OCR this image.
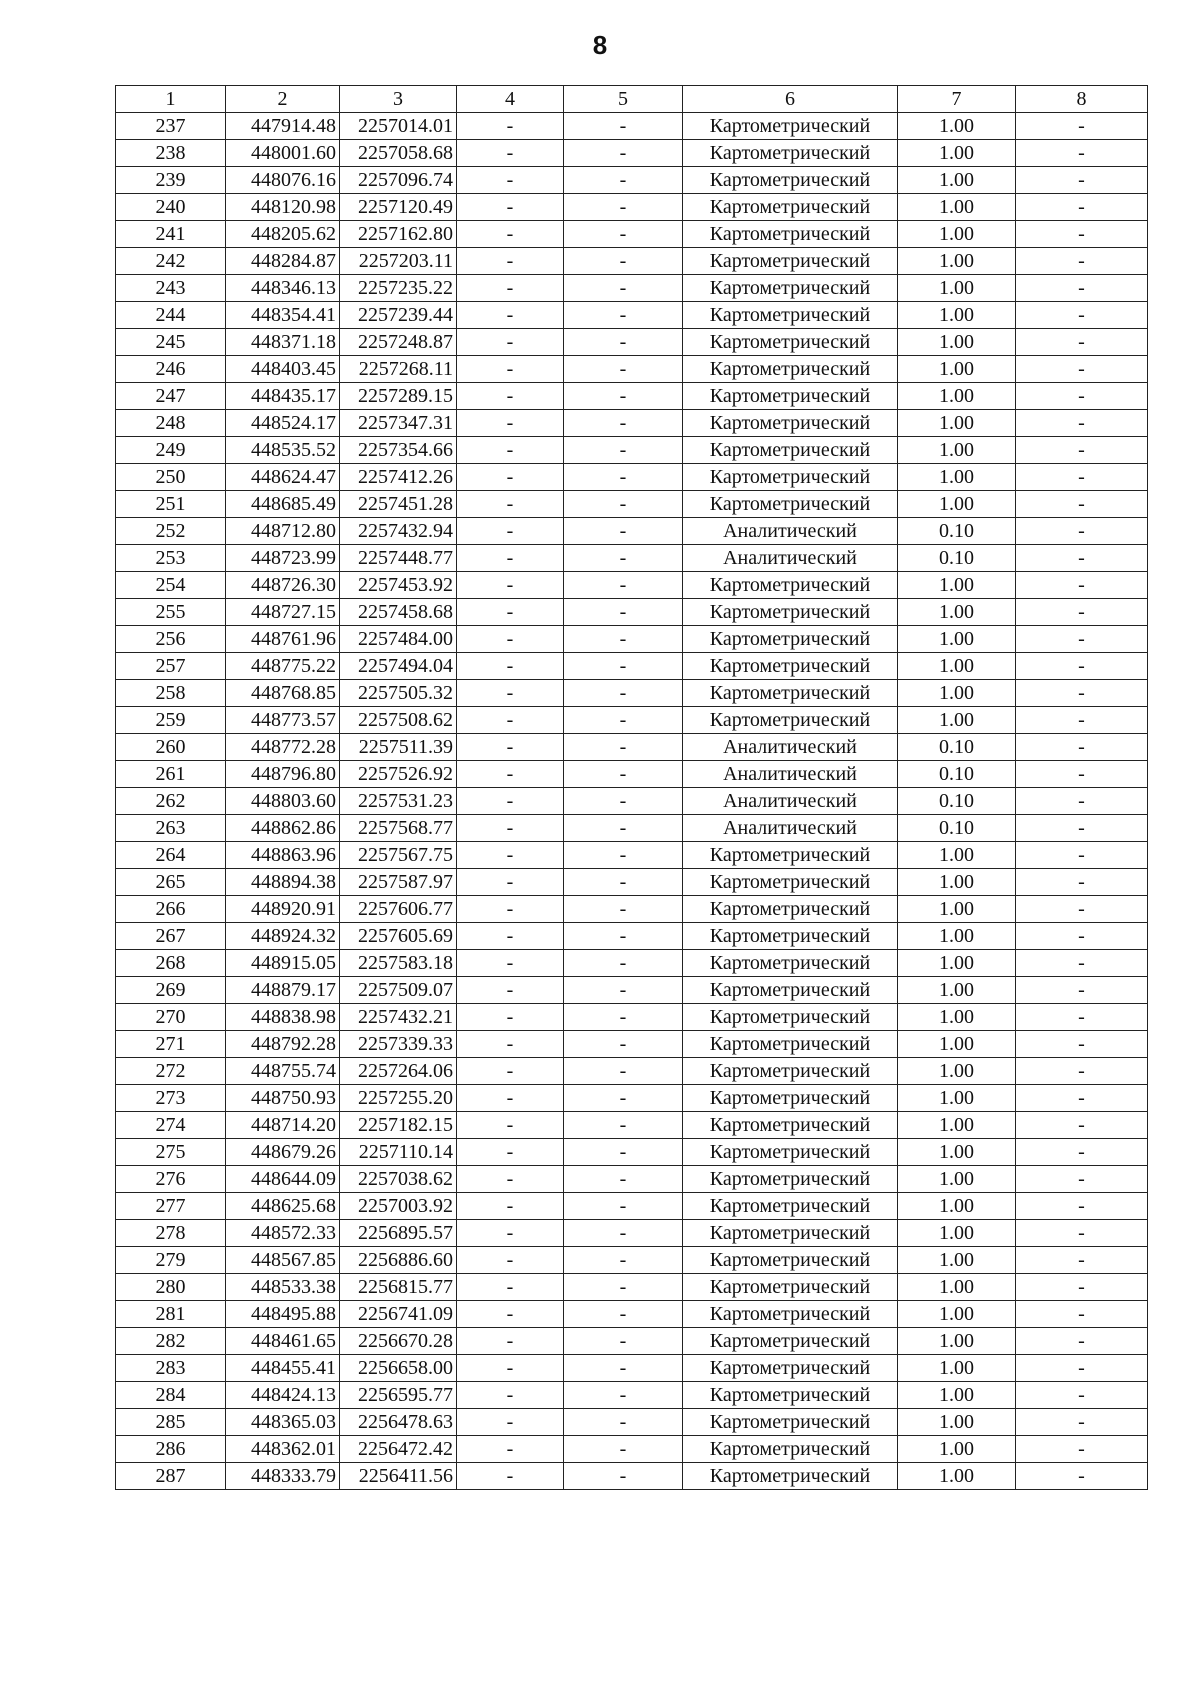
8
1	2	3	4	5	6	7	8
237	447914.48	2257014.01	-	-	Картометрический	1.00	-
238	448001.60	2257058.68	-	-	Картометрический	1.00	-
239	448076.16	2257096.74	-	-	Картометрический	1.00	-
240	448120.98	2257120.49	-	-	Картометрический	1.00	-
241	448205.62	2257162.80	-	-	Картометрический	1.00	-
242	448284.87	2257203.11	-	-	Картометрический	1.00	-
243	448346.13	2257235.22	-	-	Картометрический	1.00	-
244	448354.41	2257239.44	-	-	Картометрический	1.00	-
245	448371.18	2257248.87	-	-	Картометрический	1.00	-
246	448403.45	2257268.11	-	-	Картометрический	1.00	-
247	448435.17	2257289.15	-	-	Картометрический	1.00	-
248	448524.17	2257347.31	-	-	Картометрический	1.00	-
249	448535.52	2257354.66	-	-	Картометрический	1.00	-
250	448624.47	2257412.26	-	-	Картометрический	1.00	-
251	448685.49	2257451.28	-	-	Картометрический	1.00	-
252	448712.80	2257432.94	-	-	Аналитический	0.10	-
253	448723.99	2257448.77	-	-	Аналитический	0.10	-
254	448726.30	2257453.92	-	-	Картометрический	1.00	-
255	448727.15	2257458.68	-	-	Картометрический	1.00	-
256	448761.96	2257484.00	-	-	Картометрический	1.00	-
257	448775.22	2257494.04	-	-	Картометрический	1.00	-
258	448768.85	2257505.32	-	-	Картометрический	1.00	-
259	448773.57	2257508.62	-	-	Картометрический	1.00	-
260	448772.28	2257511.39	-	-	Аналитический	0.10	-
261	448796.80	2257526.92	-	-	Аналитический	0.10	-
262	448803.60	2257531.23	-	-	Аналитический	0.10	-
263	448862.86	2257568.77	-	-	Аналитический	0.10	-
264	448863.96	2257567.75	-	-	Картометрический	1.00	-
265	448894.38	2257587.97	-	-	Картометрический	1.00	-
266	448920.91	2257606.77	-	-	Картометрический	1.00	-
267	448924.32	2257605.69	-	-	Картометрический	1.00	-
268	448915.05	2257583.18	-	-	Картометрический	1.00	-
269	448879.17	2257509.07	-	-	Картометрический	1.00	-
270	448838.98	2257432.21	-	-	Картометрический	1.00	-
271	448792.28	2257339.33	-	-	Картометрический	1.00	-
272	448755.74	2257264.06	-	-	Картометрический	1.00	-
273	448750.93	2257255.20	-	-	Картометрический	1.00	-
274	448714.20	2257182.15	-	-	Картометрический	1.00	-
275	448679.26	2257110.14	-	-	Картометрический	1.00	-
276	448644.09	2257038.62	-	-	Картометрический	1.00	-
277	448625.68	2257003.92	-	-	Картометрический	1.00	-
278	448572.33	2256895.57	-	-	Картометрический	1.00	-
279	448567.85	2256886.60	-	-	Картометрический	1.00	-
280	448533.38	2256815.77	-	-	Картометрический	1.00	-
281	448495.88	2256741.09	-	-	Картометрический	1.00	-
282	448461.65	2256670.28	-	-	Картометрический	1.00	-
283	448455.41	2256658.00	-	-	Картометрический	1.00	-
284	448424.13	2256595.77	-	-	Картометрический	1.00	-
285	448365.03	2256478.63	-	-	Картометрический	1.00	-
286	448362.01	2256472.42	-	-	Картометрический	1.00	-
287	448333.79	2256411.56	-	-	Картометрический	1.00	-
